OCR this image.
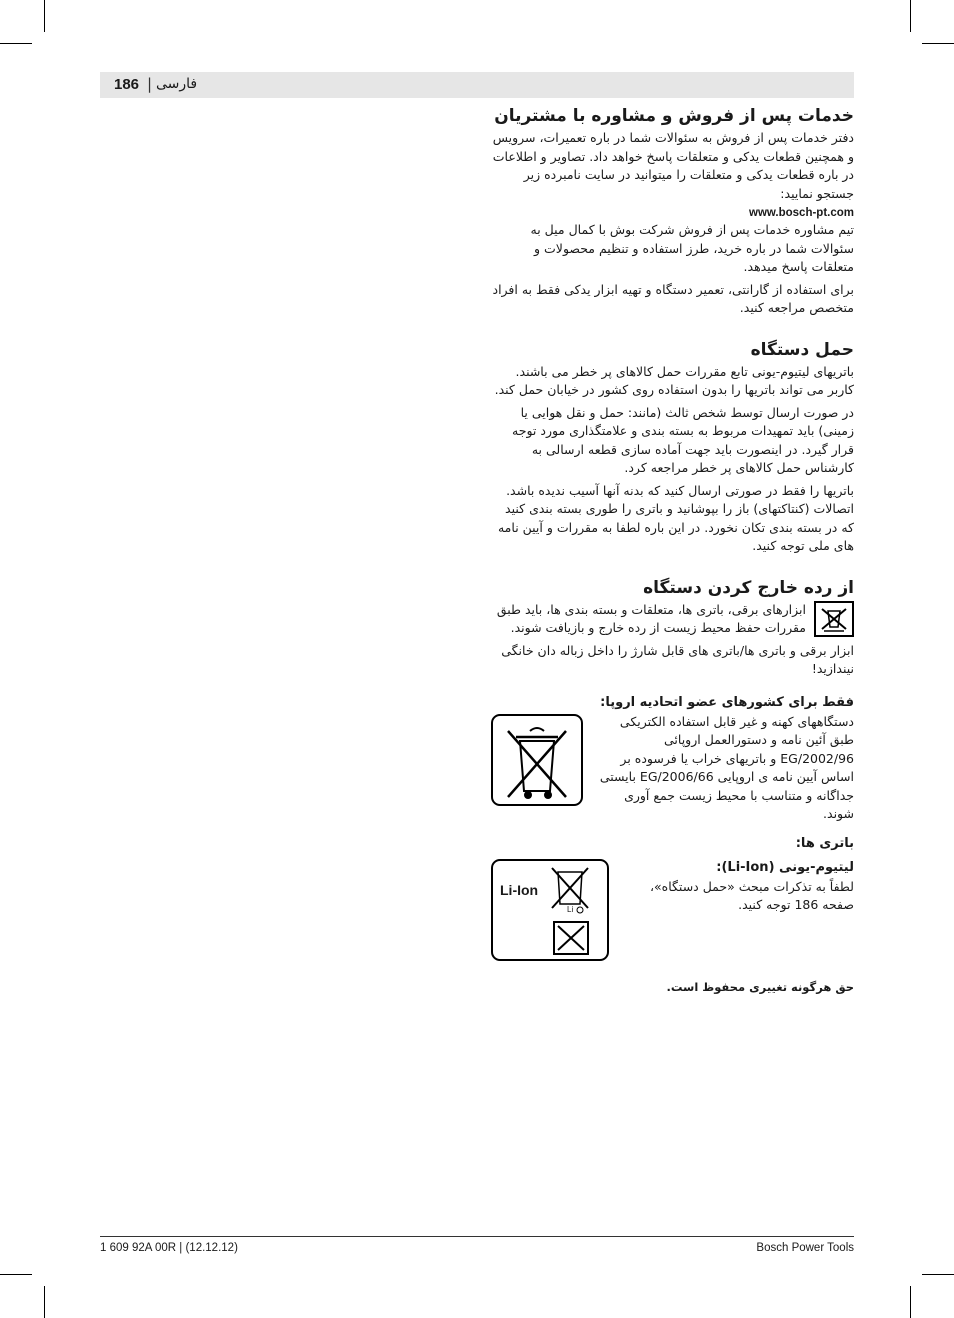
186 | فارسی
خدمات پس از فروش و مشاوره با مشتریان

دفتر خدمات پس از فروش به سئوالات شما در باره تعمیرات، سرویس و همچنین قطعات یدکی و متعلقات پاسخ خواهد داد. تصاویر و اطلاعات در باره قطعات یدکی و متعلقات را میتوانید در سایت نامبرده زیر جستجو نمایید:

www.bosch-pt.com

تیم مشاوره خدمات پس از فروش شرکت بوش با کمال میل به سئوالات شما در باره خرید، طرز استفاده و تنظیم محصولات و متعلقات پاسخ میدهد.

برای استفاده از گارانتی، تعمیر دستگاه و تهیه ابزار یدکی فقط به افراد متخصص مراجعه کنید.

حمل دستگاه

باتریهای لیتیوم-یونی تابع مقررات حمل کالاهای پر خطر می باشند. کاربر می تواند باتریها را بدون استفاده روی کشور در خیابان حمل کند.

در صورت ارسال توسط شخص ثالث (مانند: حمل و نقل هوایی یا زمینی) باید تمهیدات مربوط به بسته بندی و علامتگذاری مورد توجه قرار گیرد. در اینصورت باید جهت آماده سازی قطعه ارسالی به کارشناس حمل کالاهای پر خطر مراجعه کرد.

باتریها را فقط در صورتی ارسال کنید که بدنه آنها آسیب ندیده باشد. اتصالات (کنتاکتهای) باز را بپوشانید و باتری را طوری بسته بندی کنید که در بسته بندی تکان نخورد. در این باره لطفا به مقررات و آیین نامه های ملی توجه کنید.

از رده خارج کردن دستگاه

ابزارهای برقی، باتری ها، متعلقات و بسته بندی ها، باید طبق مقررات حفظ محیط زیست از رده خارج و بازیافت شوند.

ابزار برقی و باتری ها/باتری های قابل شارژ را داخل زباله دان خانگی نیندازید!

فقط برای کشورهای عضو اتحادیه اروپا:

دستگاههای کهنه و غیر قابل استفاده الکتریکی طبق آئین نامه و دستورالعمل اروپائی 2002/96/EG و باتریهای خراب یا فرسوده بر اساس آیین نامه ی اروپایی 2006/66/EG بایستی جداگانه و متناسب با محیط زیست جمع آوری شوند.

باتری ها:
لیتیوم-یونی (Li-Ion):

لطفاً به تذکرات مبحث «حمل دستگاه»، صفحه 186 توجه کنید.

Li-Ion
Li
حق هرگونه تغییری محفوظ است.
1 609 92A 00R | (12.12.12)	Bosch Power Tools
